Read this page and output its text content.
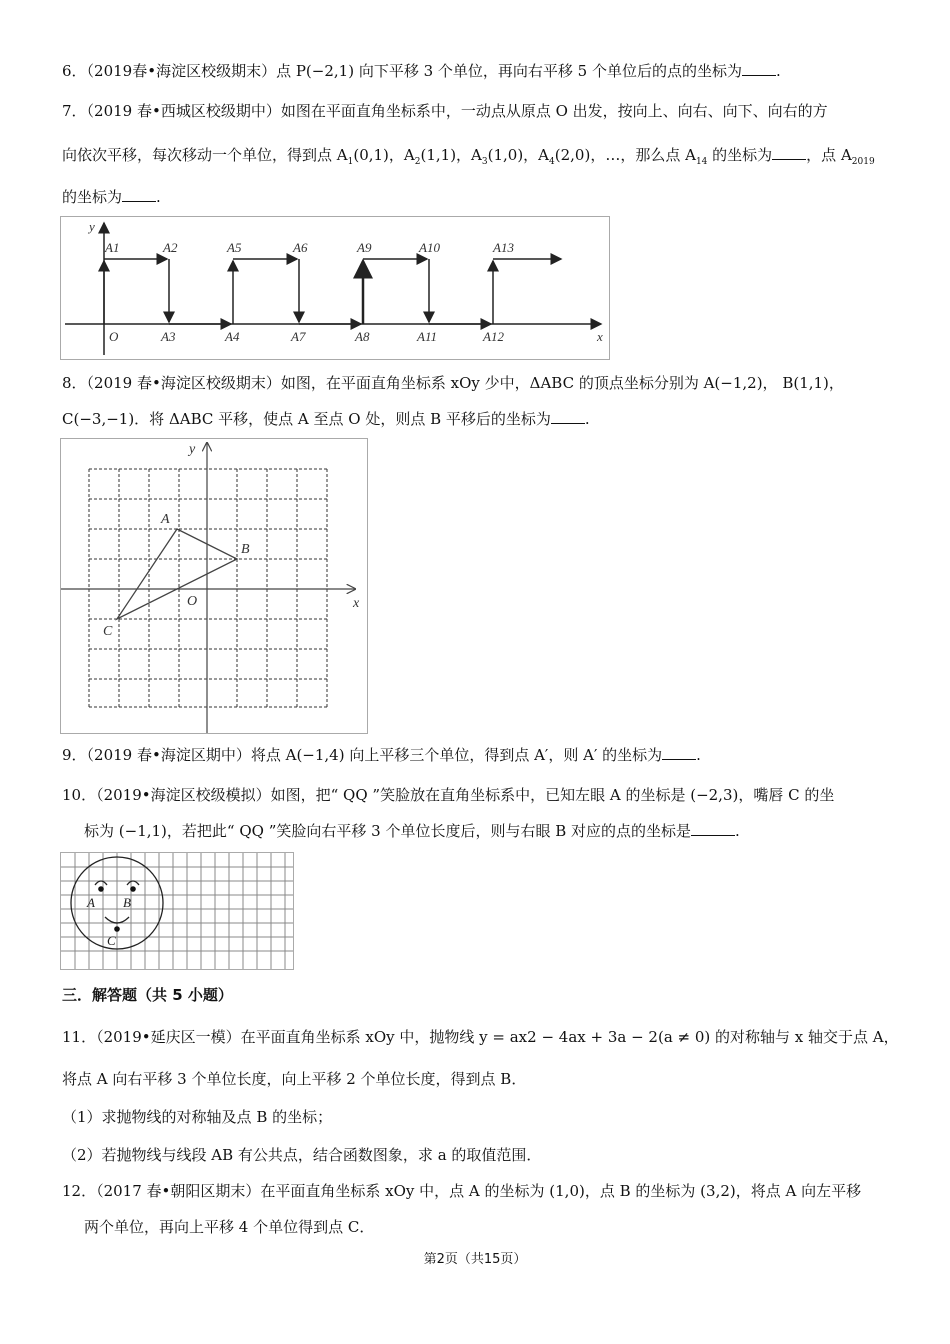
6．（2019春•海淀区校级期末）点 P(−2,1) 向下平移 3 个单位，再向右平移 5 个单位后的点的坐标为 .
7．（2019 春•西城区校级期中）如图在平面直角坐标系中，一动点从原点 O 出发，按向上、向右、向下、向右的方
向依次平移，每次移动一个单位，得到点 $A_1(0,1)$，$A_2(1,1)$，$A_3(1,0)$，$A_4(2,0)$，…，那么点 $A_{14}$ 的坐标为 ，点 $A_{2019}$
的坐标为 .
y
A1	A2	A5	A6	A9	A10	A13
O	A3	A4	A7	A8	A11	A12	x
8．（2019 春•海淀区校级期末）如图，在平面直角坐标系 xOy 少中，ΔABC 的顶点坐标分别为 A(−1,2)， B(1,1)，
C(−3,−1)．将 ΔABC 平移，使点 A 至点 O 处，则点 B 平移后的坐标为 .
y
x
O
A
B
C
9．（2019 春•海淀区期中）将点 A(−1,4) 向上平移三个单位，得到点 A′，则 A′ 的坐标为 .
10．（2019•海淀区校级模拟）如图，把“ QQ ”笑脸放在直角坐标系中，已知左眼 A 的坐标是 (−2,3)，嘴唇 C 的坐
标为 (−1,1)，若把此“ QQ ”笑脸向右平移 3 个单位长度后，则与右眼 B 对应的点的坐标是	.
A B
C
三．解答题（共 5 小题）
11．（2019•延庆区一模）在平面直角坐标系 xOy 中，抛物线 y = ax2 − 4ax + 3a − 2(a ≠ 0) 的对称轴与 x 轴交于点 A，
将点 A 向右平移 3 个单位长度，向上平移 2 个单位长度，得到点 B．
（1）求抛物线的对称轴及点 B 的坐标；
（2）若抛物线与线段 AB 有公共点，结合函数图象，求 a 的取值范围．
12．（2017 春•朝阳区期末）在平面直角坐标系 xOy 中，点 A 的坐标为 (1,0)，点 B 的坐标为 (3,2)，将点 A 向左平移
两个单位，再向上平移 4 个单位得到点 C．
第2页（共15页）
